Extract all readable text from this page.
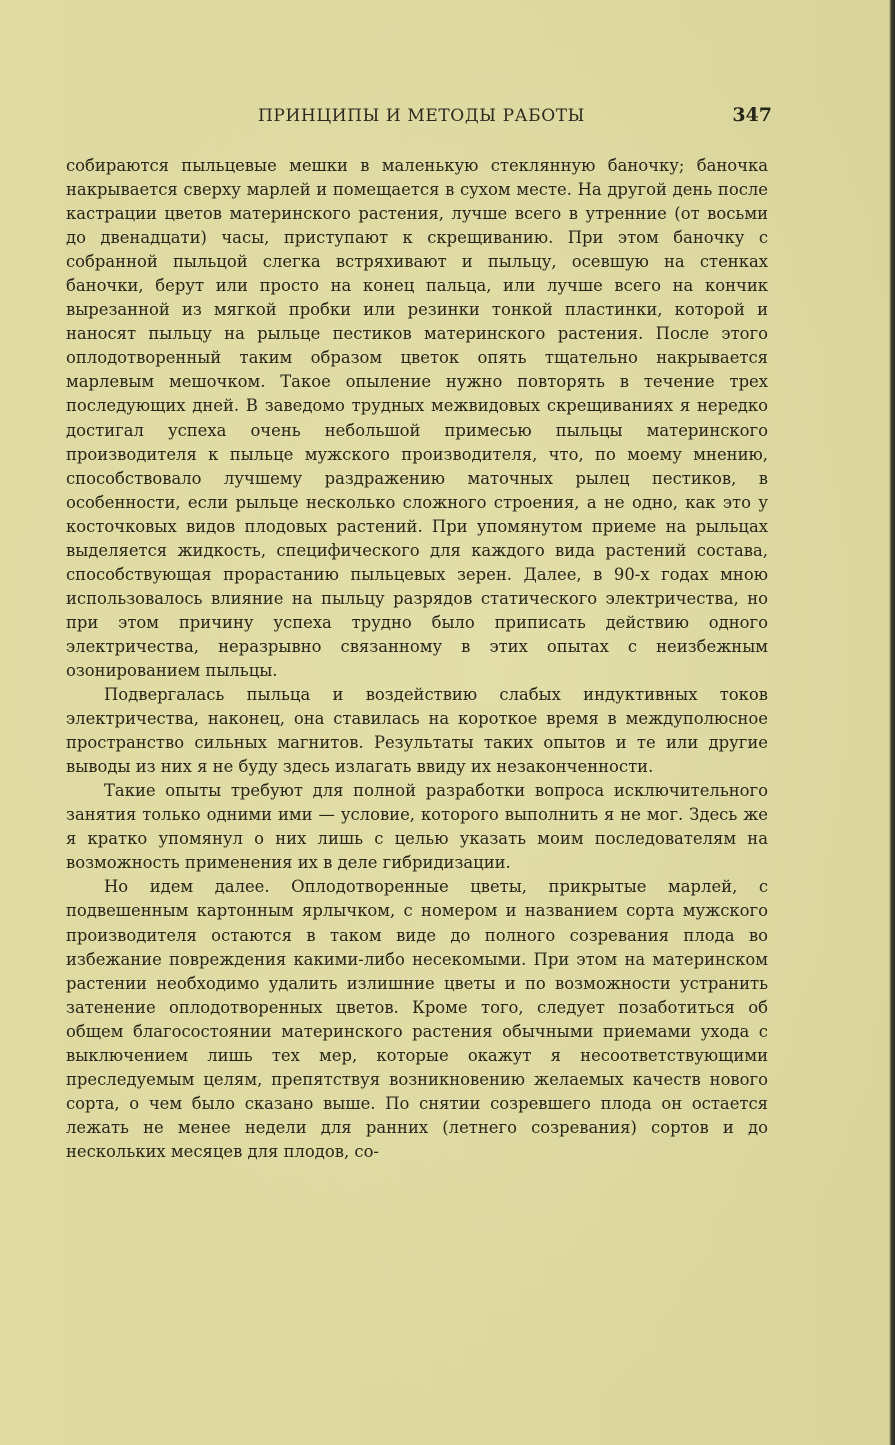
ПРИНЦИПЫ И МЕТОДЫ РАБОТЫ	347

собираются пыльцевые мешки в маленькую стеклянную баночку; баночка накрывается сверху марлей и помещается в сухом месте. На другой день после кастрации цветов материнского растения, лучше всего в утренние (от восьми до двенадцати) часы, приступают к скрещиванию. При этом баночку с собранной пыльцой слегка встряхивают и пыльцу, осевшую на стенках баночки, берут или просто на конец пальца, или лучше всего на кончик вырезанной из мягкой пробки или резинки тонкой пластинки, которой и наносят пыльцу на рыльце пестиков материнского растения. После этого оплодотворенный таким образом цветок опять тщательно накрывается марлевым мешочком. Такое опыление нужно повторять в течение трех последующих дней. В заведомо трудных межвидовых скрещиваниях я нередко достигал успеха очень небольшой примесью пыльцы материнского производителя к пыльце мужского производителя, что, по моему мнению, способствовало лучшему раздражению маточных рылец пестиков, в особенности, если рыльце несколько сложного строения, а не одно, как это у косточковых видов плодовых растений. При упомянутом приеме на рыльцах выделяется жидкость, специфического для каждого вида растений состава, способствующая прорастанию пыльцевых зерен. Далее, в 90-х годах мною использовалось влияние на пыльцу разрядов статического электричества, но при этом причину успеха трудно было приписать действию одного электричества, неразрывно связанному в этих опытах с неизбежным озонированием пыльцы.

Подвергалась пыльца и воздействию слабых индуктивных токов электричества, наконец, она ставилась на короткое время в междуполюсное пространство сильных магнитов. Результаты таких опытов и те или другие выводы из них я не буду здесь излагать ввиду их незаконченности.

Такие опыты требуют для полной разработки вопроса исключительного занятия только одними ими — условие, которого выполнить я не мог. Здесь же я кратко упомянул о них лишь с целью указать моим последователям на возможность применения их в деле гибридизации.

Но идем далее. Оплодотворенные цветы, прикрытые марлей, с подвешенным картонным ярлычком, с номером и названием сорта мужского производителя остаются в таком виде до полного созревания плода во избежание повреждения какими-либо несекомыми. При этом на материнском растении необходимо удалить излишние цветы и по возможности устранить затенение оплодотворенных цветов. Кроме того, следует позаботиться об общем благосостоянии материнского растения обычными приемами ухода с выключением лишь тех мер, которые окажут я несоответствующими преследуемым целям, препятствуя возникновению желаемых качеств нового сорта, о чем было сказано выше. По снятии созревшего плода он остается лежать не менее недели для ранних (летнего созревания) сортов и до нескольких месяцев для плодов, со-
